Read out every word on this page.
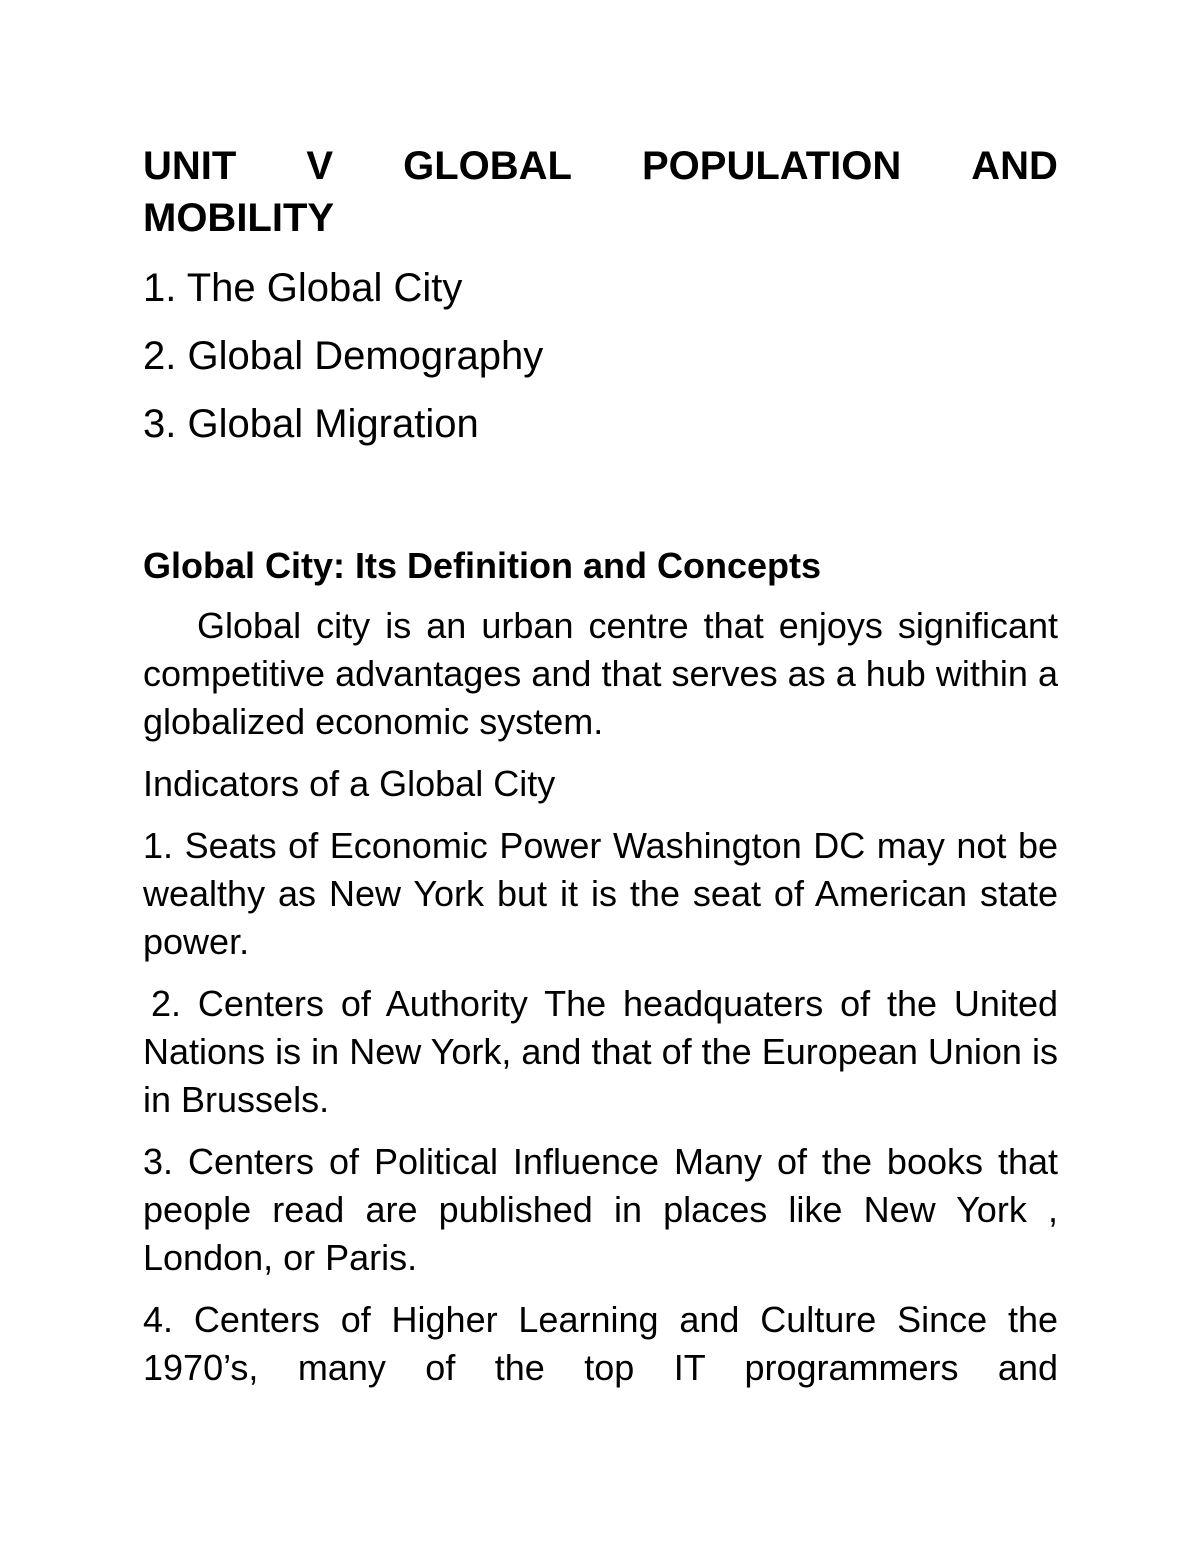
UNIT V GLOBAL POPULATION AND
MOBILITY
1. The Global City
2. Global Demography
3. Global Migration
Global City: Its Definition and Concepts

Global city is an urban centre that enjoys significant competitive advantages and that serves as a hub within a globalized economic system.

Indicators of a Global City

1. Seats of Economic Power Washington DC may not be wealthy as New York but it is the seat of American state power.

2. Centers of Authority The headquaters of the United Nations is in New York, and that of the European Union is in Brussels.

3. Centers of Political Influence Many of the books that people read are published in places like New York , London, or Paris.

4. Centers of Higher Learning and Culture Since the 1970’s, many of the top IT programmers and
